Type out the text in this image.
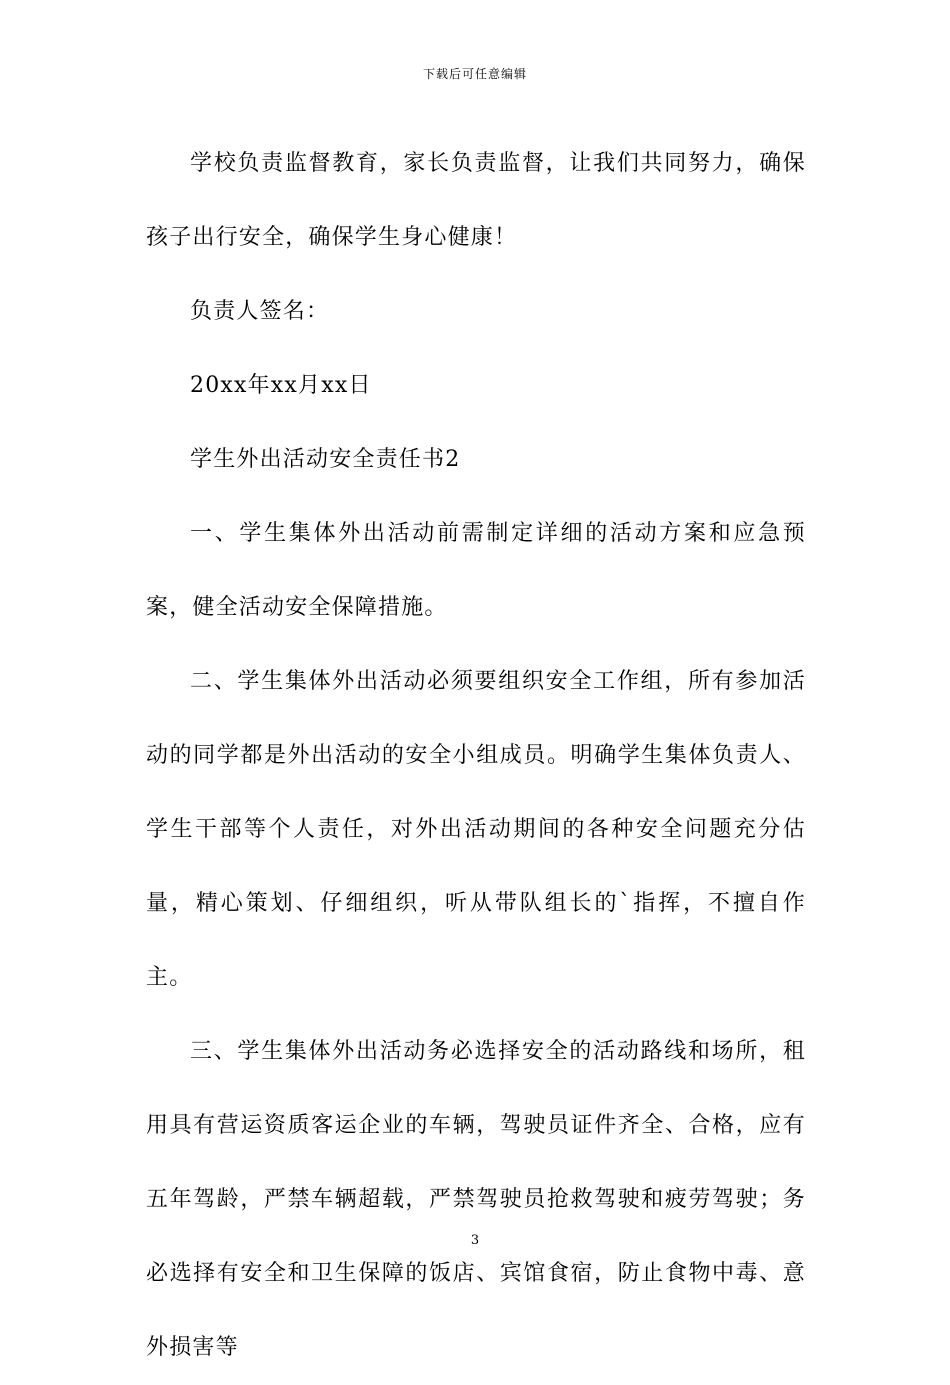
下载后可任意编辑

学校负责监督教育，家长负责监督，让我们共同努力，确保孩子出行安全，确保学生身心健康！

负责人签名：

20xx年xx月xx日

学生外出活动安全责任书2

一、学生集体外出活动前需制定详细的活动方案和应急预案，健全活动安全保障措施。

二、学生集体外出活动必须要组织安全工作组，所有参加活动的同学都是外出活动的安全小组成员。明确学生集体负责人、学生干部等个人责任，对外出活动期间的各种安全问题充分估量，精心策划、仔细组织，听从带队组长的`指挥，不擅自作主。

三、学生集体外出活动务必选择安全的活动路线和场所，租用具有营运资质客运企业的车辆，驾驶员证件齐全、合格，应有五年驾龄，严禁车辆超载，严禁驾驶员抢救驾驶和疲劳驾驶；务必选择有安全和卫生保障的饭店、宾馆食宿，防止食物中毒、意外损害等

3
